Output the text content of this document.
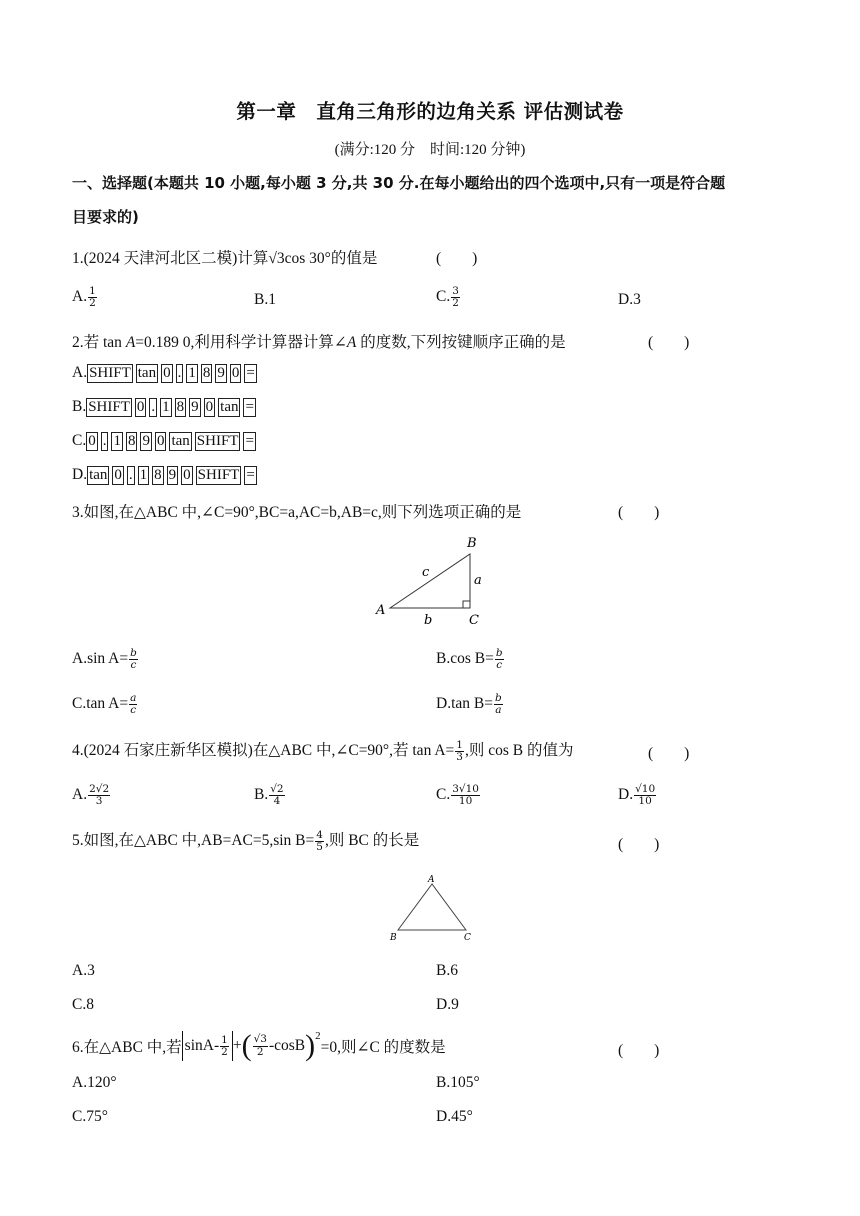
第一章　直角三角形的边角关系 评估测试卷
(满分:120 分　时间:120 分钟)
一、选择题(本题共 10 小题,每小题 3 分,共 30 分.在每小题给出的四个选项中,只有一项是符合题
目要求的)
1.(2024 天津河北区二模)计算√3cos 30°的值是	(　　)
A. $\frac{1}{2}$	B.1	C. $\frac{3}{2}$	D.3
2.若 tan A=0.189 0,利用科学计算器计算∠A 的度数,下列按键顺序正确的是	(　　)
A. SHIFT tan 0 . 1 8 9 0 =
B. SHIFT 0 . 1 8 9 0 tan =
C. 0 . 1 8 9 0 tan SHIFT =
D. tan 0 . 1 8 9 0 SHIFT =
3.如图,在△ABC 中,∠C=90°,BC=a,AC=b,AB=c,则下列选项正确的是	(　　)
A
B
C
a
b
c
A.sin $A= \frac{b}{c}$	B.cos $B= \frac{b}{c}$
C.tan $A= \frac{a}{c}$	D.tan $B= \frac{b}{a}$
4.(2024 石家庄新华区模拟)在△ABC 中,∠C=90°,若 $\tan A= \frac{1}{3}$ ,则 cos B 的值为	(　　)
A. $\frac{2√2}{3}$	B. $\frac{√2}{4}$	C. $\frac{3√10}{10}$	D. $\frac{√10}{10}$
5.如图,在△ABC 中,AB=AC=5,sin $B= \frac{4}{5}$ ,则 BC 的长是	(　　)
A
B	C
A.3	B.6
C.8	D.9
6.在△ABC 中,若 $\sin A- \frac{1}{2}$ + ( $\frac{√3}{2} -\cos B$ )$^2$
=0,则∠C 的度数是	(　　)
A.120°	B.105°
C.75°	D.45°
